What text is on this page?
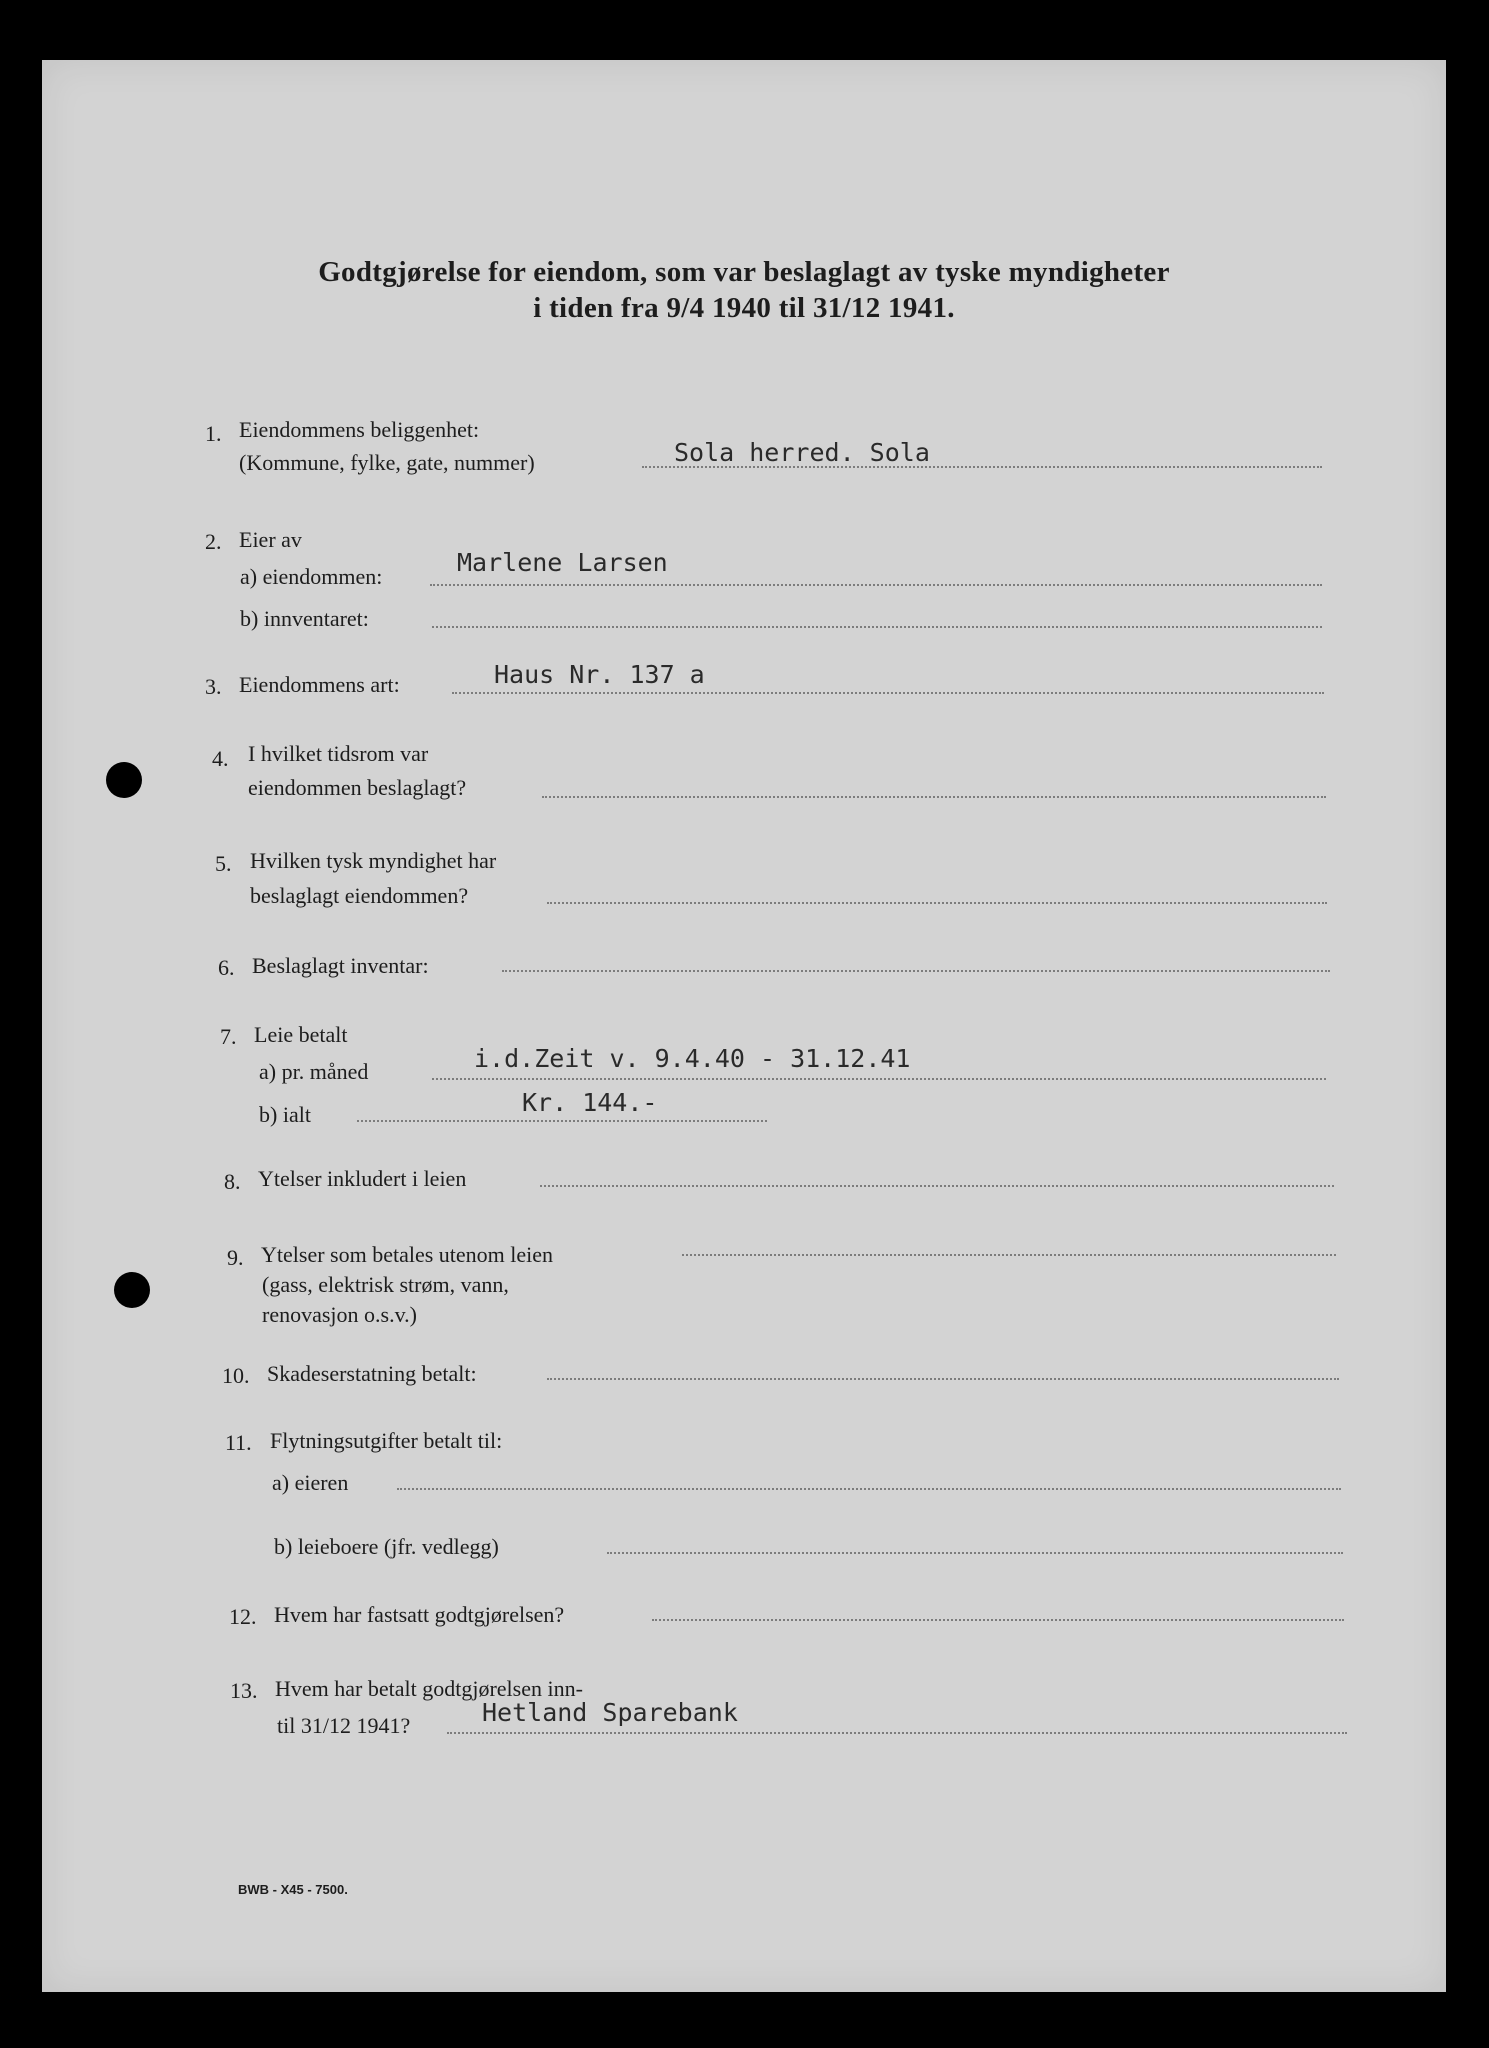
Godtgjørelse for eiendom, som var beslaglagt av tyske myndigheter
i tiden fra 9/4 1940 til 31/12 1941.
1. Eiendommens beliggenhet:
(Kommune, fylke, gate, nummer)	Sola herred. Sola
2. Eier av
a) eiendommen:	Marlene Larsen
b) innventaret:
3. Eiendommens art:	Haus Nr. 137 a
4. I hvilket tidsrom var
eiendommen beslaglagt?
5. Hvilken tysk myndighet har
beslaglagt eiendommen?
6. Beslaglagt inventar:
7. Leie betalt
a) pr. måned	i.d.Zeit v. 9.4.40 - 31.12.41
b) ialt	Kr. 144.-
8. Ytelser inkludert i leien
9. Ytelser som betales utenom leien
(gass, elektrisk strøm, vann,
renovasjon o.s.v.)
10. Skadeserstatning betalt:
11. Flytningsutgifter betalt til:
a) eieren
b) leieboere (jfr. vedlegg)
12. Hvem har fastsatt godtgjørelsen?
13. Hvem har betalt godtgjørelsen inn-
til 31/12 1941?	Hetland Sparebank
BWB - X45 - 7500.
